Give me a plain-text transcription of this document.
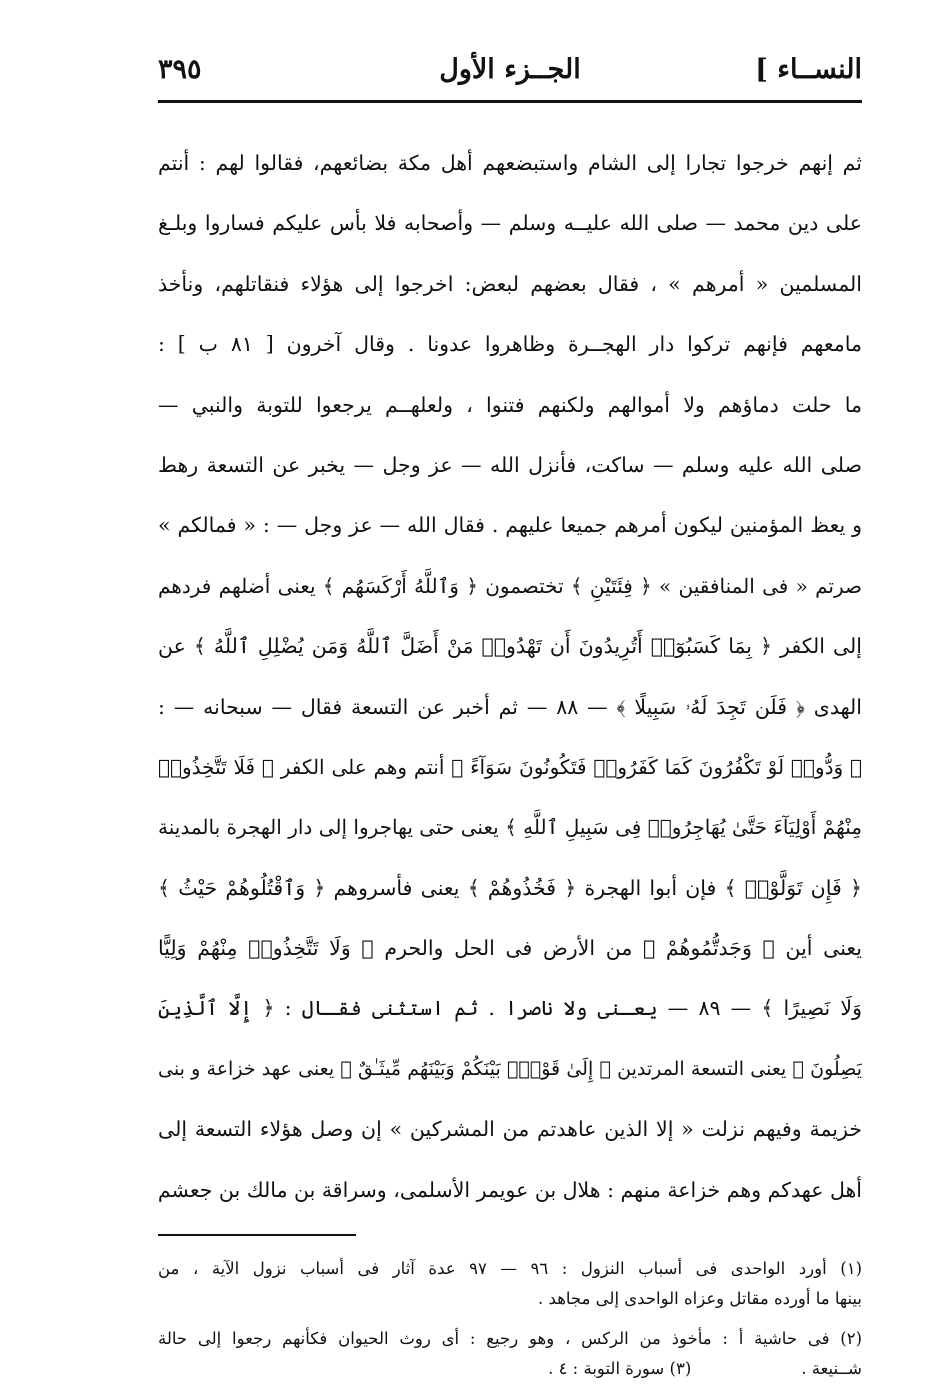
النســاء ]
الجــزء الأول
٣٩٥
ثم إنهم خرجوا تجارا إلى الشام واستبضعهم أهل مكة بضائعهم، فقالوا لهم : أنتم
على دين محمد — صلى الله عليــه وسلم — وأصحابه فلا بأس عليكم فساروا وبلـغ
المسلمين « أمرهم » ، فقال بعضهم لبعض: اخرجوا إلى هؤلاء فنقاتلهم، ونأخذ
مامعهم فإنهم تركوا دار الهجــرة وظاهروا عدونا . وقال آخرون [ ٨١ ب ] :
ما حلت دماؤهم ولا أموالهم ولكنهم فتنوا ، ولعلهــم يرجعوا للتوبة والنبي —
صلى الله عليه وسلم — ساكت، فأنزل الله — عز وجل — يخبر عن التسعة رهط
و يعظ المؤمنين ليكون أمرهم جميعا عليهم . فقال الله — عز وجل — : « فمالكم »
صرتم « فى المنافقين » ﴿ فِئَتَيْنِ ﴾ تختصمون ﴿ وَٱللَّهُ أَرْكَسَهُم ﴾ يعنى أضلهم فردهم
إلى الكفر ﴿ بِمَا كَسَبُوٓا۟ أَتُرِيدُونَ أَن تَهْدُوا۟ مَنْ أَضَلَّ ٱللَّهُ وَمَن يُضْلِلِ ٱللَّهُ ﴾ عن
الهدى ﴿ فَلَن تَجِدَ لَهُۥ سَبِيلًا ﴾ — ٨٨ — ثم أخبر عن التسعة فقال — سبحانه — :
﴿ وَدُّوا۟ لَوْ تَكْفُرُونَ كَمَا كَفَرُوا۟ فَتَكُونُونَ سَوَآءً ﴾ أنتم وهم على الكفر ﴿ فَلَا تَتَّخِذُوا۟
مِنْهُمْ أَوْلِيَآءَ حَتَّىٰ يُهَاجِرُوا۟ فِى سَبِيلِ ٱللَّهِ ﴾ يعنى حتى يهاجروا إلى دار الهجرة بالمدينة
﴿ فَإِن تَوَلَّوْا۟ ﴾ فإن أبوا الهجرة ﴿ فَخُذُوهُمْ ﴾ يعنى فأسروهم ﴿ وَٱقْتُلُوهُمْ حَيْثُ ﴾
يعنى أين ﴿ وَجَدتُّمُوهُمْ ﴾ من الأرض فى الحل والحرم ﴿ وَلَا تَتَّخِذُوا۟ مِنْهُمْ وَلِيًّا
وَلَا نَصِيرًا ﴾ — ٨٩ — يعـنى ولا ناصرا . ثم استثنى فقـال : ﴿ إِلَّا ٱلَّذِينَ
يَصِلُونَ ﴾ يعنى التسعة المرتدين ﴿ إِلَىٰ قَوْمٍۭ بَيْنَكُمْ وَبَيْنَهُم مِّيثَـٰقٌ ﴾ يعنى عهد خزاعة و بنى
خزيمة وفيهم نزلت « إلا الذين عاهدتم من المشركين » إن وصل هؤلاء التسعة إلى
أهل عهدكم وهم خزاعة منهم : هلال بن عويمر الأسلمى، وسراقة بن مالك بن جعشم
(١) أورد الواحدى فى أسباب النزول : ٩٦ — ٩٧ عدة آثار فى أسباب نزول الآية ، من
بينها ما أورده مقاتل وعزاه الواحدى إلى مجاهد .
(٢) فى حاشية أ : مأخوذ من الركس ، وهو رجيع : أى روث الحيوان فكأنهم رجعوا إلى حالة
شــنيعة .
(٣) سورة التوبة : ٤ .
